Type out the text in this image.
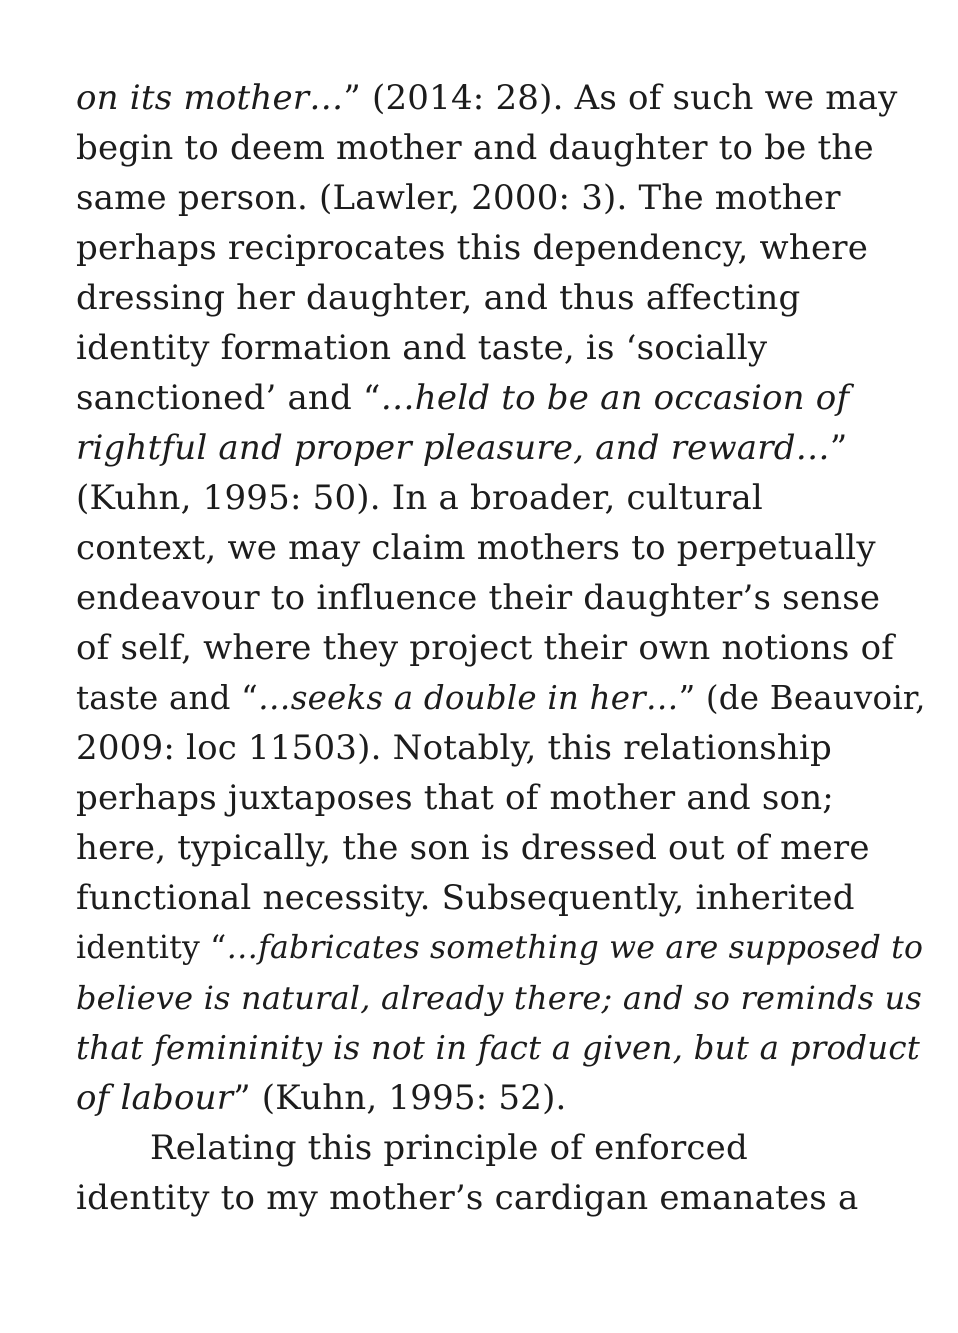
on its mother…” (2014: 28). As of such we may
begin to deem mother and daughter to be the
same person. (Lawler, 2000: 3). The mother
perhaps reciprocates this dependency, where
dressing her daughter, and thus affecting
identity formation and taste, is ‘socially
sanctioned’ and “…held to be an occasion of
rightful and proper pleasure, and reward…”
(Kuhn, 1995: 50). In a broader, cultural
context, we may claim mothers to perpetually
endeavour to influence their daughter’s sense
of self, where they project their own notions of
taste and “…seeks a double in her…” (de Beauvoir,
2009: loc 11503). Notably, this relationship
perhaps juxtaposes that of mother and son;
here, typically, the son is dressed out of mere
functional necessity. Subsequently, inherited
identity “…fabricates something we are supposed to
believe is natural, already there; and so reminds us
that femininity is not in fact a given, but a product
of labour” (Kuhn, 1995: 52).
Relating this principle of enforced
identity to my mother’s cardigan emanates a
